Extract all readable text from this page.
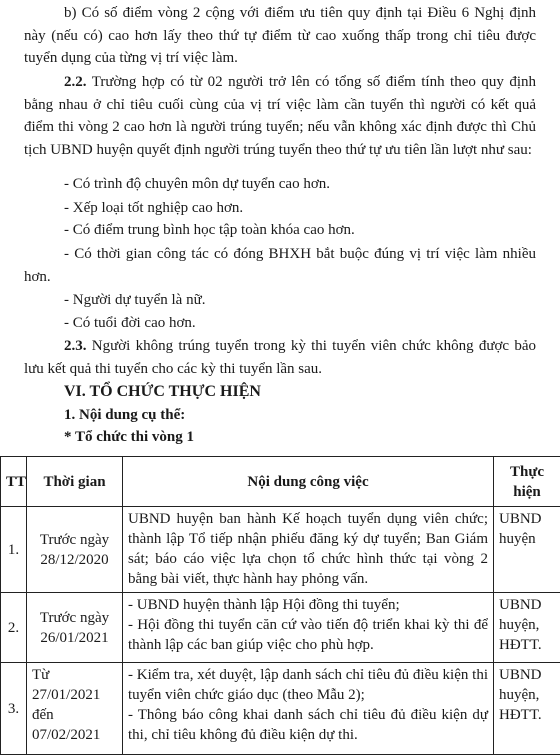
b) Có số điểm vòng 2 cộng với điểm ưu tiên quy định tại Điều 6 Nghị định này (nếu có) cao hơn lấy theo thứ tự điểm từ cao xuống thấp trong chỉ tiêu được tuyển dụng của từng vị trí việc làm.

2.2. Trường hợp có từ 02 người trở lên có tổng số điểm tính theo quy định bằng nhau ở chỉ tiêu cuối cùng của vị trí việc làm cần tuyển thì người có kết quả điểm thi vòng 2 cao hơn là người trúng tuyển; nếu vẫn không xác định được thì Chủ tịch UBND huyện quyết định người trúng tuyển theo thứ tự ưu tiên lần lượt như sau:

- Có trình độ chuyên môn dự tuyển cao hơn.

- Xếp loại tốt nghiệp cao hơn.

- Có điểm trung bình học tập toàn khóa cao hơn.

- Có thời gian công tác có đóng BHXH bắt buộc đúng vị trí việc làm nhiều hơn.

- Người dự tuyển là nữ.

- Có tuổi đời cao hơn.

2.3. Người không trúng tuyển trong kỳ thi tuyển viên chức không được bảo lưu kết quả thi tuyển cho các kỳ thi tuyển lần sau.

VI. TỔ CHỨC THỰC HIỆN
1. Nội dung cụ thể:
* Tổ chức thi vòng 1
TT	Thời gian	Nội dung công việc	Thực hiện
1.	Trước ngày 28/12/2020	UBND huyện ban hành Kế hoạch tuyển dụng viên chức; thành lập Tổ tiếp nhận phiếu đăng ký dự tuyển; Ban Giám sát; báo cáo việc lựa chọn tổ chức hình thức tại vòng 2 bằng bài viết, thực hành hay phỏng vấn.	UBND huyện
2.	Trước ngày 26/01/2021	- UBND huyện thành lập Hội đồng thi tuyển;
- Hội đồng thi tuyển căn cứ vào tiến độ triển khai kỳ thi để thành lập các ban giúp việc cho phù hợp.	UBND huyện, HĐTT.
3.	Từ 27/01/2021 đến 07/02/2021	- Kiểm tra, xét duyệt, lập danh sách chỉ tiêu đủ điều kiện thi tuyển viên chức giáo dục (theo Mẫu 2);
- Thông báo công khai danh sách chỉ tiêu đủ điều kiện dự thi, chỉ tiêu không đủ điều kiện dự thi.	UBND huyện, HĐTT.
